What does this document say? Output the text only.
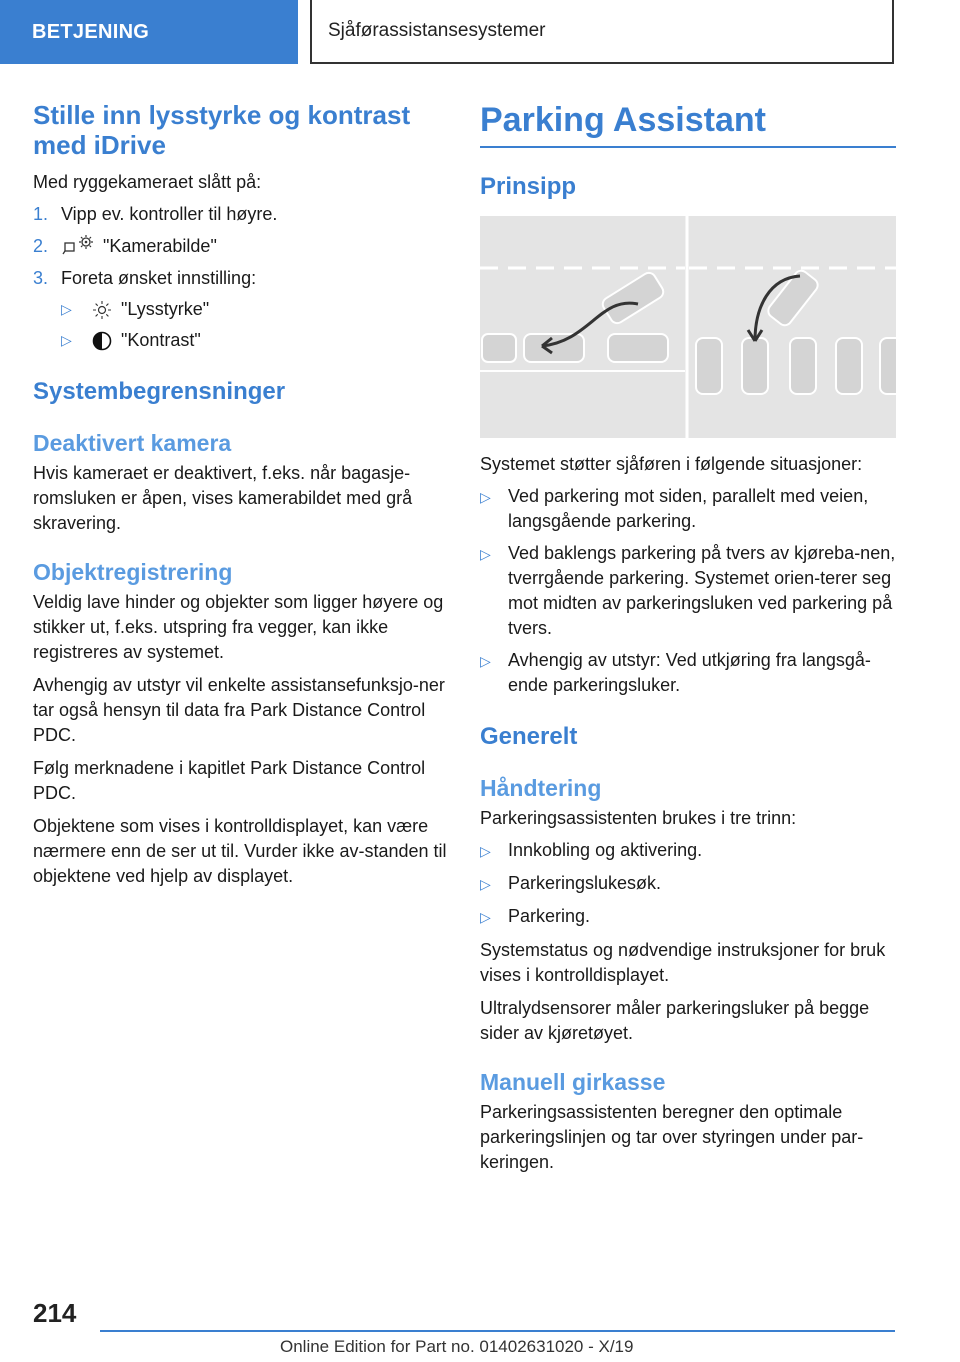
BETJENING	Sjåførassistansesystemer
Stille inn lysstyrke og kontrast med iDrive

Med ryggekameraet slått på:

1. Vipp ev. kontroller til høyre.
2.	"Kamerabilde"
3. Foreta ønsket innstilling:
▷	"Lysstyrke"
▷	"Kontrast"
Systembegrensninger
Deaktivert kamera

Hvis kameraet er deaktivert, f.eks. når bagasje-romsluken er åpen, vises kamerabildet med grå skravering.

Objektregistrering

Veldig lave hinder og objekter som ligger høyere og stikker ut, f.eks. utspring fra vegger, kan ikke registreres av systemet.

Avhengig av utstyr vil enkelte assistansefunksjo-ner tar også hensyn til data fra Park Distance Control PDC.

Følg merknadene i kapitlet Park Distance Control PDC.

Objektene som vises i kontrolldisplayet, kan være nærmere enn de ser ut til. Vurder ikke av-standen til objektene ved hjelp av displayet.

Parking Assistant
Prinsipp

Systemet støtter sjåføren i følgende situasjoner:

▷ Ved parkering mot siden, parallelt med veien, langsgående parkering.
▷ Ved baklengs parkering på tvers av kjøreba-nen, tverrgående parkering. Systemet orien-terer seg mot midten av parkeringsluken ved parkering på tvers.
▷ Avhengig av utstyr: Ved utkjøring fra langsgå-ende parkeringsluker.
Generelt
Håndtering

Parkeringsassistenten brukes i tre trinn:

▷ Innkobling og aktivering.
▷ Parkeringslukesøk.
▷ Parkering.

Systemstatus og nødvendige instruksjoner for bruk vises i kontrolldisplayet.

Ultralydsensorer måler parkeringsluker på begge sider av kjøretøyet.

Manuell girkasse

Parkeringsassistenten beregner den optimale parkeringslinjen og tar over styringen under par-keringen.

214
Online Edition for Part no. 01402631020 - X/19
